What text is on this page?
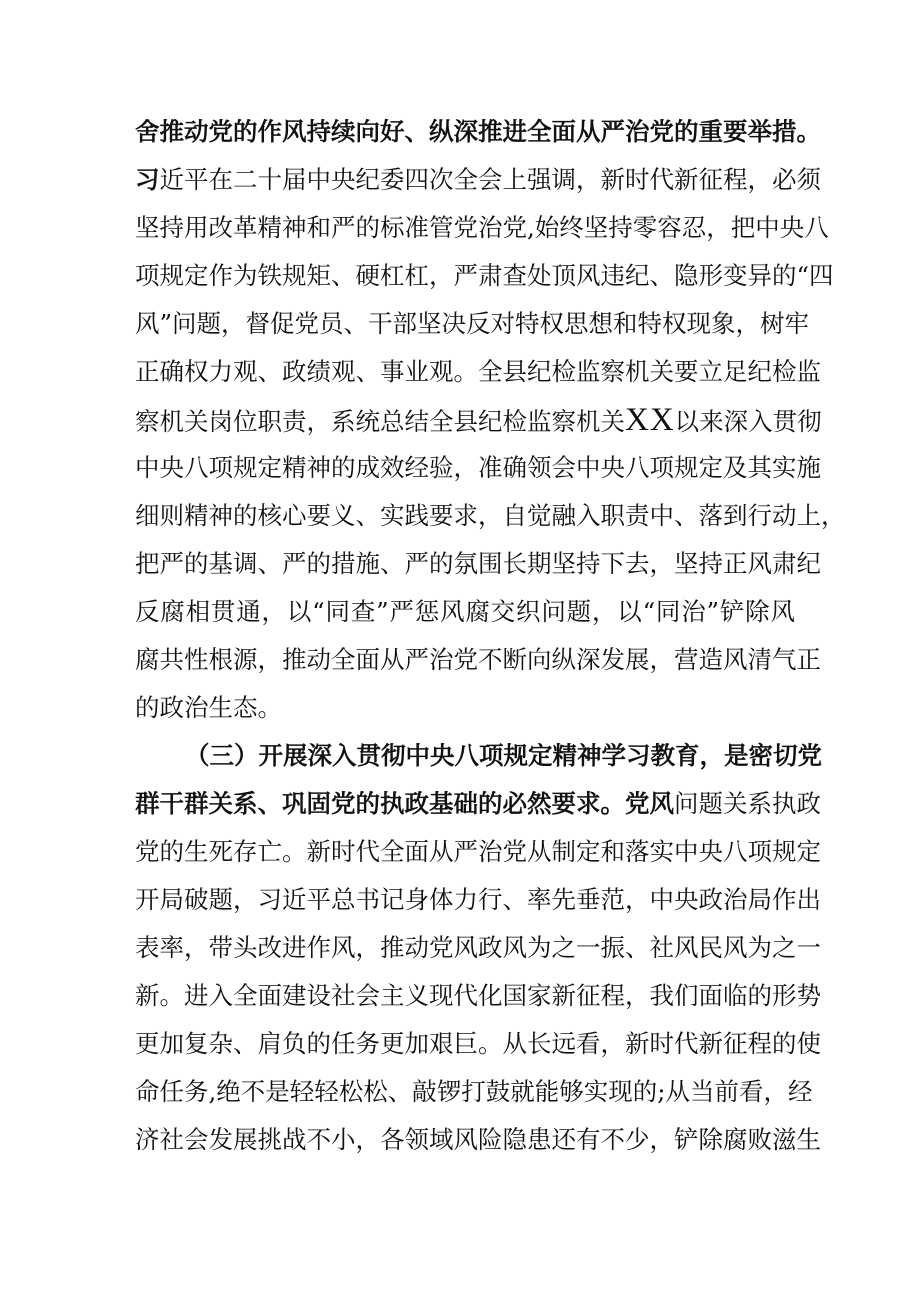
舍推动党的作风持续向好、纵深推进全面从严治党的重要举措。
习近平在二十届中央纪委四次全会上强调，新时代新征程，必须
坚持用改革精神和严的标准管党治党,始终坚持零容忍，把中央八
项规定作为铁规矩、硬杠杠，严肃查处顶风违纪、隐形变异的“四
风”问题，督促党员、干部坚决反对特权思想和特权现象，树牢
正确权力观、政绩观、事业观。全县纪检监察机关要立足纪检监
察机关岗位职责，系统总结全县纪检监察机关XX以来深入贯彻
中央八项规定精神的成效经验，准确领会中央八项规定及其实施
细则精神的核心要义、实践要求，自觉融入职责中、落到行动上，
把严的基调、严的措施、严的氛围长期坚持下去，坚持正风肃纪
反腐相贯通，以“同查”严惩风腐交织问题，以“同治”铲除风
腐共性根源，推动全面从严治党不断向纵深发展，营造风清气正
的政治生态。
（三）开展深入贯彻中央八项规定精神学习教育，是密切党
群干群关系、巩固党的执政基础的必然要求。党风问题关系执政
党的生死存亡。新时代全面从严治党从制定和落实中央八项规定
开局破题，习近平总书记身体力行、率先垂范，中央政治局作出
表率，带头改进作风，推动党风政风为之一振、社风民风为之一
新。进入全面建设社会主义现代化国家新征程，我们面临的形势
更加复杂、肩负的任务更加艰巨。从长远看，新时代新征程的使
命任务,绝不是轻轻松松、敲锣打鼓就能够实现的;从当前看，经
济社会发展挑战不小，各领域风险隐患还有不少，铲除腐败滋生
